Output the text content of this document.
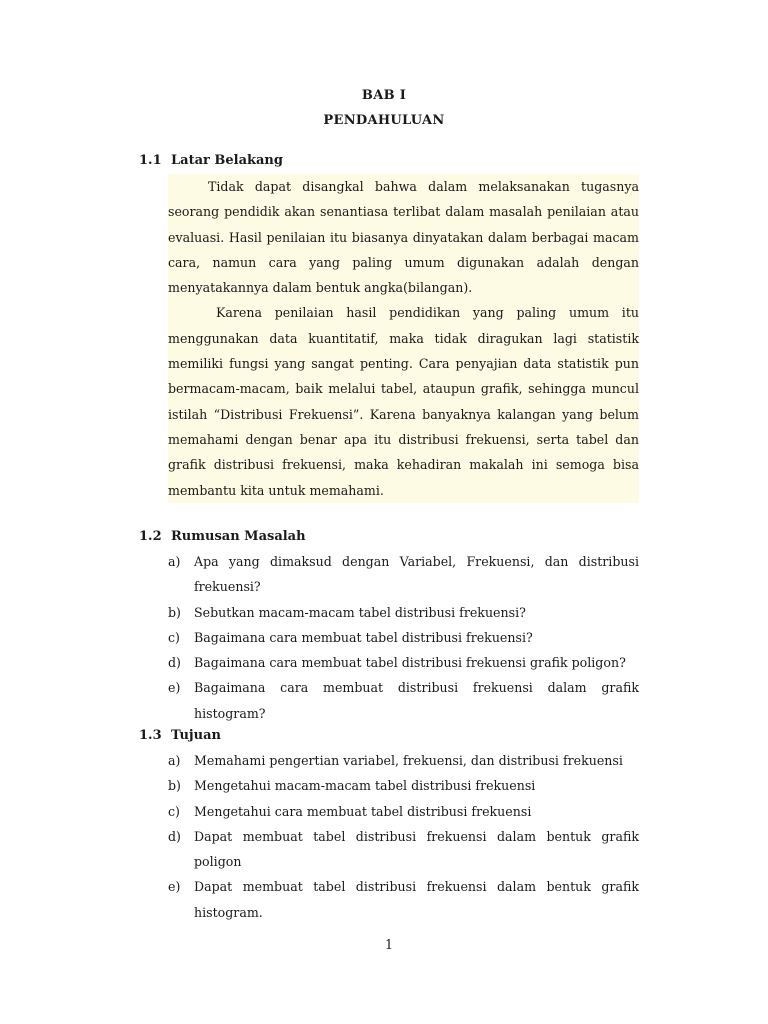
BAB I
PENDAHULUAN
1.1 Latar Belakang

Tidak dapat disangkal bahwa dalam melaksanakan tugasnya seorang pendidik akan senantiasa terlibat dalam masalah penilaian atau evaluasi. Hasil penilaian itu biasanya dinyatakan dalam berbagai macam cara, namun cara yang paling umum digunakan adalah dengan menyatakannya dalam bentuk angka(bilangan).

Karena penilaian hasil pendidikan yang paling umum itu menggunakan data kuantitatif, maka tidak diragukan lagi statistik memiliki fungsi yang sangat penting. Cara penyajian data statistik pun bermacam-macam, baik melalui tabel, ataupun grafik, sehingga muncul istilah “Distribusi Frekuensi”. Karena banyaknya kalangan yang belum memahami dengan benar apa itu distribusi frekuensi, serta tabel dan grafik distribusi frekuensi, maka kehadiran makalah ini semoga bisa membantu kita untuk memahami.

1.2 Rumusan Masalah
a)	Apa yang dimaksud dengan Variabel, Frekuensi, dan distribusi frekuensi?
b)	Sebutkan macam-macam tabel distribusi frekuensi?
c)	Bagaimana cara membuat tabel distribusi frekuensi?
d)	Bagaimana cara membuat tabel distribusi frekuensi grafik poligon?
e)	Bagaimana cara membuat distribusi frekuensi dalam grafik histogram?
1.3 Tujuan
a)	Memahami pengertian variabel, frekuensi, dan distribusi frekuensi
b)	Mengetahui macam-macam tabel distribusi frekuensi
c)	Mengetahui cara membuat tabel distribusi frekuensi
d)	Dapat membuat tabel distribusi frekuensi dalam bentuk grafik poligon
e)	Dapat membuat tabel distribusi frekuensi dalam bentuk grafik histogram.
1
